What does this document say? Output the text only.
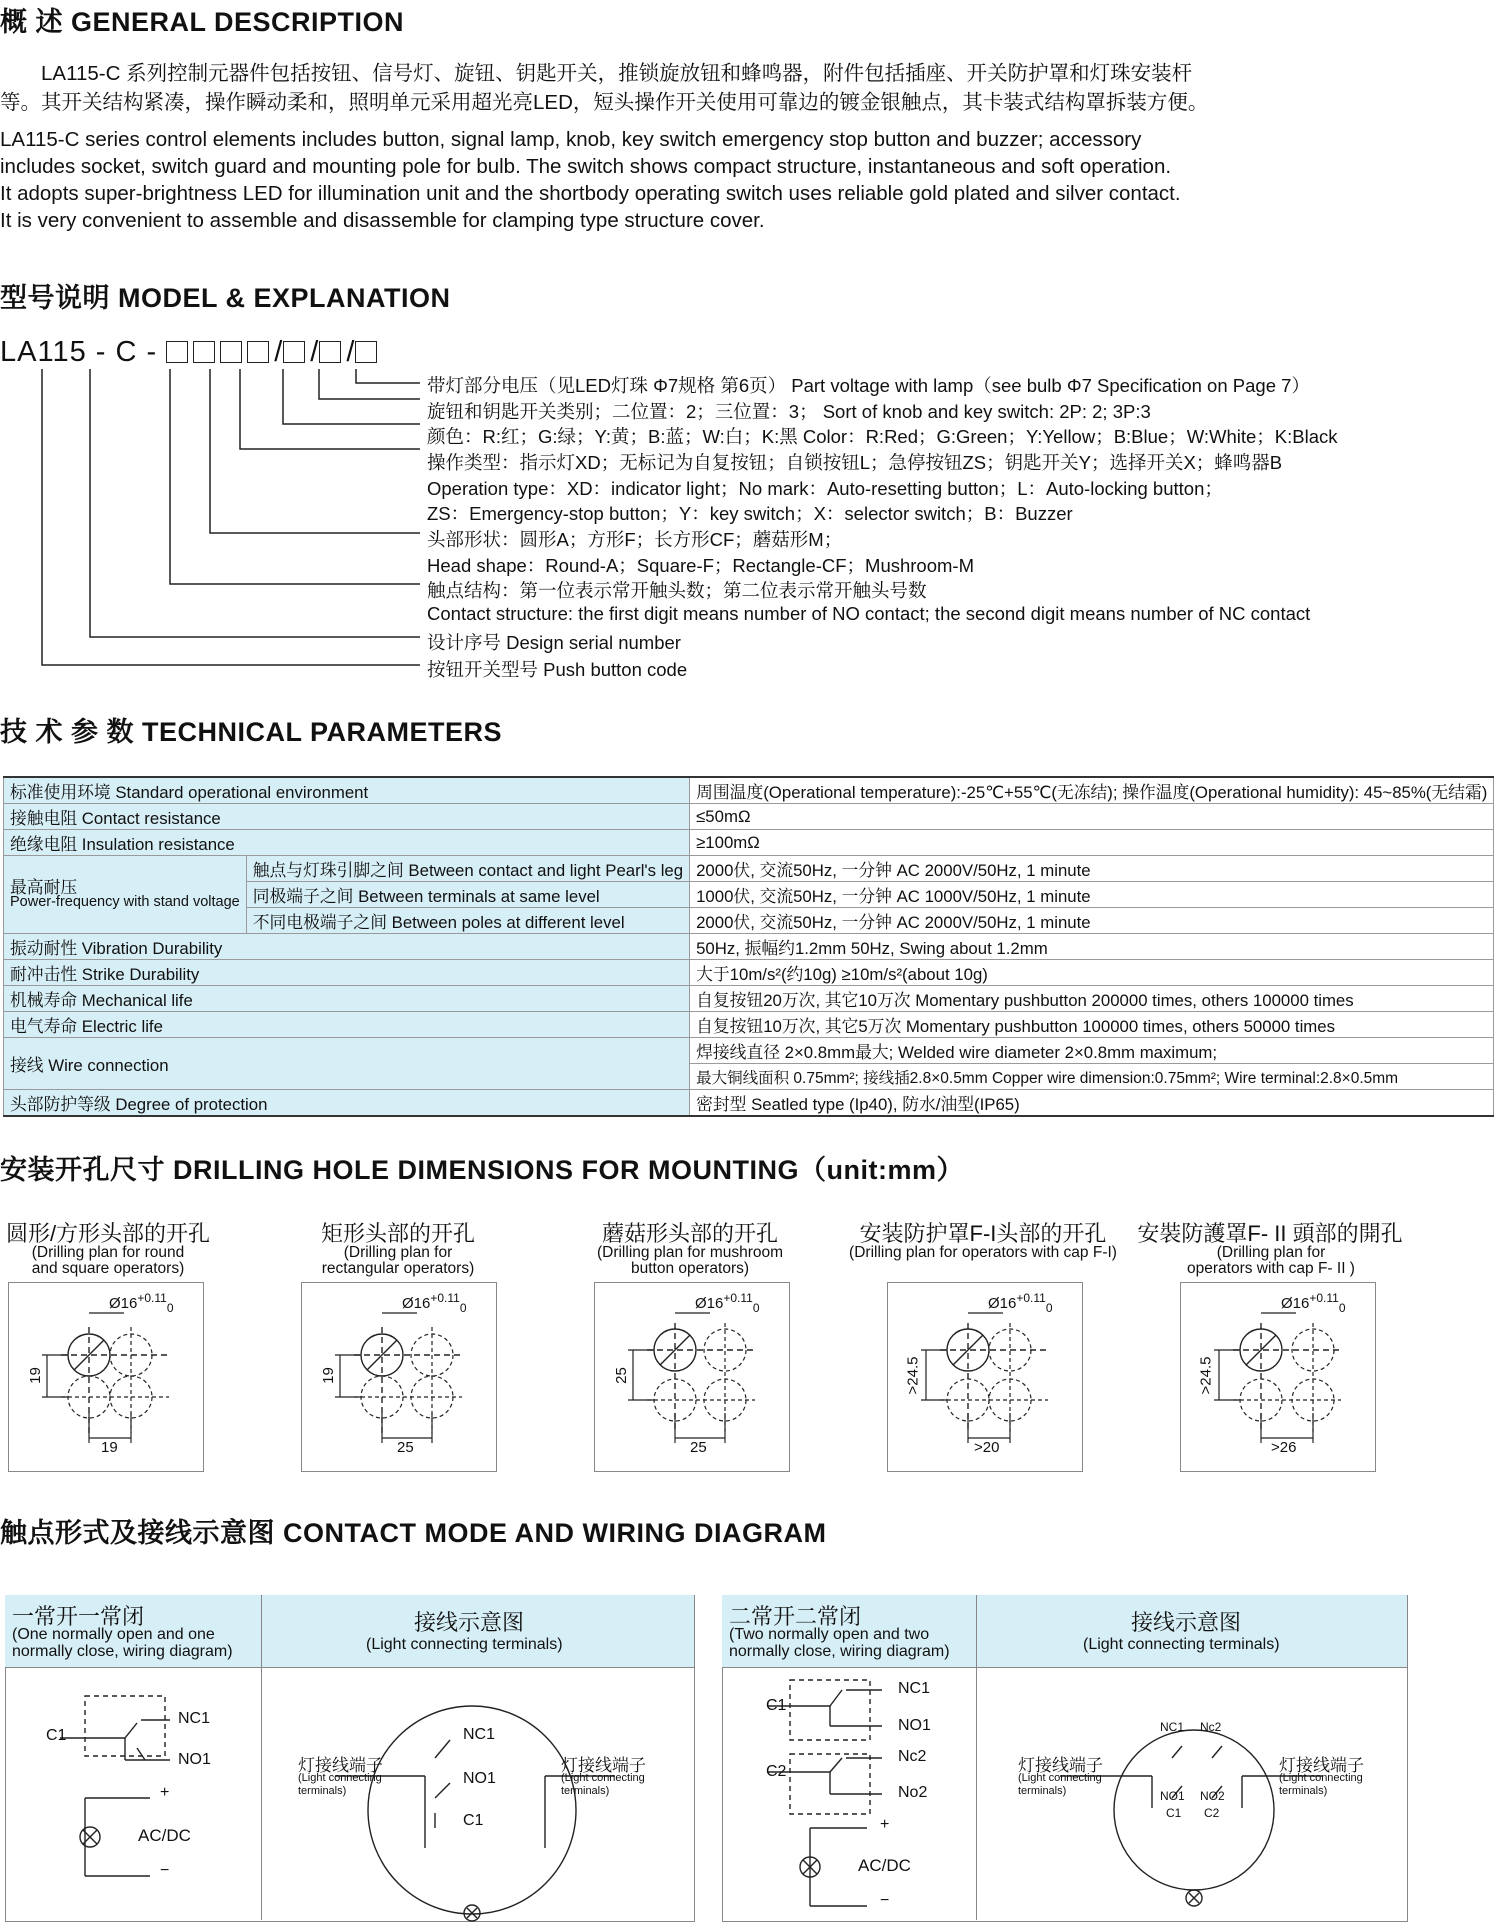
概 述 GENERAL DESCRIPTION
　　LA115-C 系列控制元器件包括按钮、信号灯、旋钮、钥匙开关，推锁旋放钮和蜂鸣器，附件包括插座、开关防护罩和灯珠安装杆
等。其开关结构紧凑，操作瞬动柔和，照明单元采用超光亮LED，短头操作开关使用可靠边的镀金银触点，其卡装式结构罩拆装方便。
LA115-C series control elements includes button, signal lamp, knob, key switch emergency stop button and buzzer; accessory
includes socket, switch guard and mounting pole for bulb. The switch shows compact structure, instantaneous and soft operation.
It adopts super-brightness LED for illumination unit and the shortbody operating switch uses reliable gold plated and silver contact.
It is very convenient to assemble and disassemble for clamping type structure cover.
型号说明 MODEL & EXPLANATION
LA115 - C -	/ / /
带灯部分电压（见LED灯珠 Φ7规格 第6页） Part voltage with lamp（see bulb Φ7 Specification on Page 7）
旋钮和钥匙开关类别；二位置：2；三位置：3； Sort of knob and key switch: 2P: 2; 3P:3
颜色：R:红；G:绿；Y:黄；B:蓝；W:白；K:黑 Color：R:Red；G:Green；Y:Yellow；B:Blue；W:White；K:Black
操作类型：指示灯XD；无标记为自复按钮；自锁按钮L；急停按钮ZS；钥匙开关Y；选择开关X；蜂鸣器B
Operation type：XD：indicator light；No mark：Auto-resetting button；L：Auto-locking button；
ZS：Emergency-stop button；Y：key switch；X：selector switch；B：Buzzer
头部形状：圆形A；方形F；长方形CF；蘑菇形M；
Head shape：Round-A；Square-F；Rectangle-CF；Mushroom-M
触点结构：第一位表示常开触头数；第二位表示常开触头号数
Contact structure: the first digit means number of NO contact; the second digit means number of NC contact
设计序号 Design serial number
按钮开关型号 Push button code
技 术 参 数 TECHNICAL PARAMETERS
标准使用环境 Standard operational environment		周围温度(Operational temperature):-25℃+55℃(无冻结); 操作温度(Operational humidity): 45~85%(无结霜)
接触电阻 Contact resistance		≤50mΩ
绝缘电阻 Insulation resistance		≥100mΩ

最高耐压
Power-frequency with stand voltage	触点与灯珠引脚之间 Between contact and light Pearl's leg	2000伏, 交流50Hz, 一分钟 AC 2000V/50Hz, 1 minute
	同极端子之间 Between terminals at same level	1000伏, 交流50Hz, 一分钟 AC 1000V/50Hz, 1 minute
	不同电极端子之间 Between poles at different level	2000伏, 交流50Hz, 一分钟 AC 2000V/50Hz, 1 minute
振动耐性 Vibration Durability		50Hz, 振幅约1.2mm 50Hz, Swing about 1.2mm
耐冲击性 Strike Durability		大于10m/s²(约10g) ≥10m/s²(about 10g)
机械寿命 Mechanical life		自复按钮20万次, 其它10万次 Momentary pushbutton 200000 times, others 100000 times
电气寿命 Electric life		自复按钮10万次, 其它5万次 Momentary pushbutton 100000 times, others 50000 times
接线 Wire connection		焊接线直径 2×0.8mm最大; Welded wire diameter 2×0.8mm maximum;
		最大铜线面积 0.75mm²; 接线插2.8×0.5mm Copper wire dimension:0.75mm²; Wire terminal:2.8×0.5mm
头部防护等级 Degree of protection		密封型 Seatled type (Ip40), 防水/油型(IP65)
安装开孔尺寸 DRILLING HOLE DIMENSIONS FOR MOUNTING（unit:mm）
圆形/方形头部的开孔
(Drilling plan for round
and square operators)
$Ø16^{+0.11}_0$
19
19
矩形头部的开孔
(Drilling plan for
rectangular operators)
$Ø16^{+0.11}_0$
19
25
蘑菇形头部的开孔
(Drilling plan for mushroom
button operators)
$Ø16^{+0.11}_0$
25
25
安装防护罩F-I头部的开孔
(Drilling plan for operators with cap F-I)
$Ø16^{+0.11}_0$
>24.5
>20
安裝防護罩F- II 頭部的開孔
(Drilling plan for
operators with cap F- II )
$Ø16^{+0.11}_0$
>24.5
>26
触点形式及接线示意图 CONTACT MODE AND WIRING DIAGRAM
一常开一常闭
(One normally open and one
normally close, wiring diagram)
接线示意图
(Light connecting terminals)
C1
NC1
NO1
+
AC/DC
−
NC1
NO1
C1
灯接线端子
(Light connecting
terminals)
灯接线端子
(Light connecting
terminals)
二常开二常闭
(Two normally open and two
normally close, wiring diagram)
接线示意图
(Light connecting terminals)
C1
C2
NC1
NO1
Nc2
No2
+
AC/DC
−
NC1 Nc2
NO1 NO2
C1 C2
灯接线端子
(Light connecting
terminals)
灯接线端子
(Light connecting
terminals)
